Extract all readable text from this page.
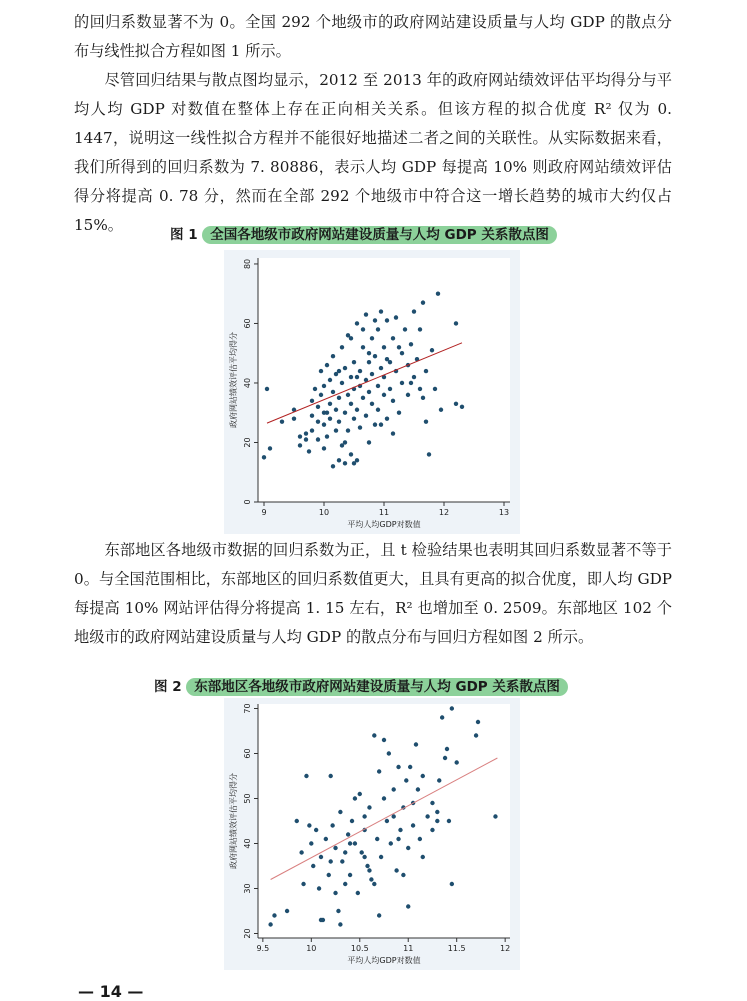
的回归系数显著不为 0。全国 292 个地级市的政府网站建设质量与人均 GDP 的散点分布与线性拟合方程如图 1 所示。

尽管回归结果与散点图均显示，2012 至 2013 年的政府网站绩效评估平均得分与平均人均 GDP 对数值在整体上存在正向相关关系。但该方程的拟合优度 R² 仅为 0. 1447，说明这一线性拟合方程并不能很好地描述二者之间的关联性。从实际数据来看，我们所得到的回归系数为 7. 80886，表示人均 GDP 每提高 10% 则政府网站绩效评估得分将提高 0. 78 分，然而在全部 292 个地级市中符合这一增长趋势的城市大约仅占 15%。

图 1 全国各地级市政府网站建设质量与人均 GDP 关系散点图
0
20
40
60
80
9	10	11	12	13
平均人均GDP对数值
政府网站绩效评估平均得分

东部地区各地级市数据的回归系数为正，且 t 检验结果也表明其回归系数显著不等于 0。与全国范围相比，东部地区的回归系数值更大，且具有更高的拟合优度，即人均 GDP 每提高 10% 网站评估得分将提高 1. 15 左右，R² 也增加至 0. 2509。东部地区 102 个地级市的政府网站建设质量与人均 GDP 的散点分布与回归方程如图 2 所示。

图 2 东部地区各地级市政府网站建设质量与人均 GDP 关系散点图
20
30
40
50
60
70
9.5	10	10.5	11	11.5	12
平均人均GDP对数值
政府网站绩效评估平均得分
— 14 —
